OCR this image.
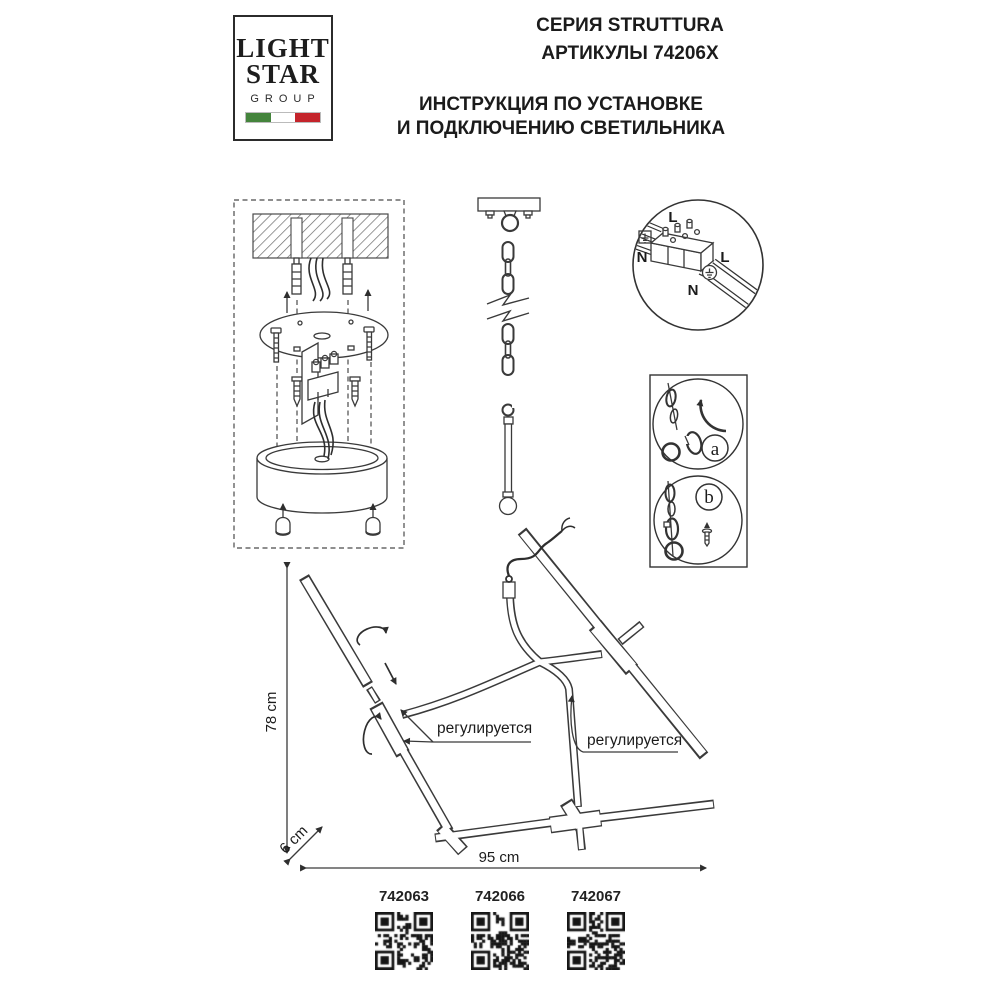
LIGHT
STAR
GROUP
СЕРИЯ STRUTTURA
АРТИКУЛЫ 74206X
ИНСТРУКЦИЯ ПО УСТАНОВКЕ
И ПОДКЛЮЧЕНИЮ СВЕТИЛЬНИКА
L
N	L
N
a
b
регулируется
регулируется
78 cm
6 cm
95 cm
742063	742066	742067
